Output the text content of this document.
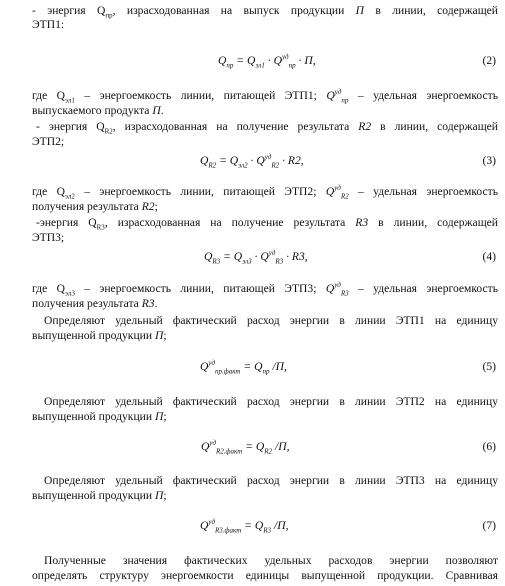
- энергия $Q_{пр}$, израсходованная на выпуск продукции П в линии, содержащей
ЭТП1:
$Q_{пр} = Q_{эл1} \cdot Q^{уд}_{пр} \cdot П$,	(2)
где $Q_{эл1}$ – энергоемкость линии, питающей ЭТП1; $Q^{уд}_{пр}$ – удельная энергоемкость
выпускаемого продукта П.
- энергия $Q_{R2}$, израсходованная на получение результата R2 в линии, содержащей
ЭТП2;
$Q_{R2} = Q_{эл2} \cdot Q^{уд}_{R2} \cdot R2$,	(3)
где $Q_{эл2}$ – энергоемкость линии, питающей ЭТП2; $Q^{уд}_{R2}$ – удельная энергоемкость
получения результата R2;
-энергия $Q_{R3}$, израсходованная на получение результата R3 в линии, содержащей
ЭТП3;
$Q_{R3} = Q_{эл3} \cdot Q^{уд}_{R3} \cdot R3$,	(4)
где $Q_{эл3}$ – энергоемкость линии, питающей ЭТП3; $Q^{уд}_{R3}$ – удельная энергоемкость
получения результата R3.
Определяют удельный фактический расход энергии в линии ЭТП1 на единицу
выпущенной продукции П;
$Q^{уд}_{пр.факт} = Q_{пр}$ /П,	(5)
Определяют удельный фактический расход энергии в линии ЭТП2 на единицу
выпущенной продукции П;
$Q^{уд}_{R2.факт} = Q_{R2}$ /П,	(6)
Определяют удельный фактический расход энергии в линии ЭТП3 на единицу
выпущенной продукции П;
$Q^{уд}_{R3.факт} = Q_{R3}$ /П,	(7)
Полученные значения фактических удельных расходов энергии позволяют
определять структуру энергоемкости единицы выпущенной продукции. Сравнивая
